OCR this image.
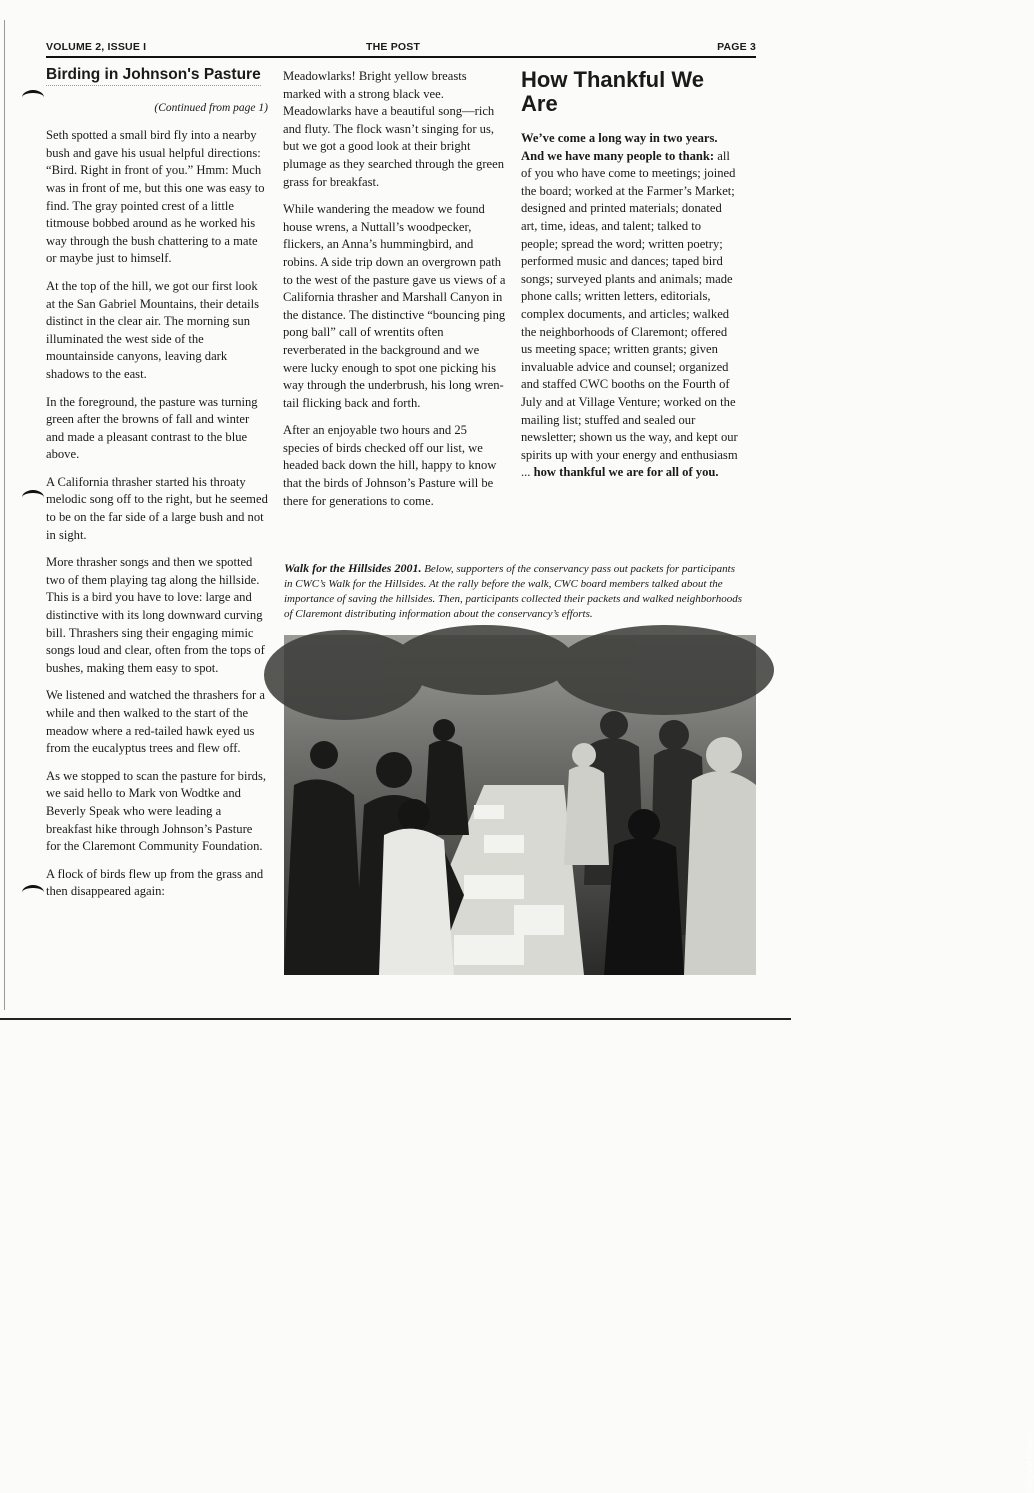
VOLUME 2, ISSUE I	THE POST	PAGE 3
Birding in Johnson's Pasture
(Continued from page 1)

Seth spotted a small bird fly into a nearby bush and gave his usual helpful directions: “Bird. Right in front of you.” Hmm: Much was in front of me, but this one was easy to find. The gray pointed crest of a little titmouse bobbed around as he worked his way through the bush chattering to a mate or maybe just to himself.

At the top of the hill, we got our first look at the San Gabriel Mountains, their details distinct in the clear air. The morning sun illuminated the west side of the mountainside canyons, leaving dark shadows to the east.

In the foreground, the pasture was turning green after the browns of fall and winter and made a pleasant contrast to the blue above.

A California thrasher started his throaty melodic song off to the right, but he seemed to be on the far side of a large bush and not in sight.

More thrasher songs and then we spotted two of them playing tag along the hillside. This is a bird you have to love: large and distinctive with its long downward curving bill. Thrashers sing their engaging mimic songs loud and clear, often from the tops of bushes, making them easy to spot.

We listened and watched the thrashers for a while and then walked to the start of the meadow where a red-tailed hawk eyed us from the eucalyptus trees and flew off.

As we stopped to scan the pasture for birds, we said hello to Mark von Wodtke and Beverly Speak who were leading a breakfast hike through Johnson’s Pasture for the Claremont Community Foundation.

A flock of birds flew up from the grass and then disappeared again:

Meadowlarks! Bright yellow breasts marked with a strong black vee. Meadowlarks have a beautiful song—rich and fluty. The flock wasn’t singing for us, but we got a good look at their bright plumage as they searched through the green grass for breakfast.

While wandering the meadow we found house wrens, a Nuttall’s woodpecker, flickers, an Anna’s hummingbird, and robins. A side trip down an overgrown path to the west of the pasture gave us views of a California thrasher and Marshall Canyon in the distance. The distinctive “bouncing ping pong ball” call of wrentits often reverberated in the background and we were lucky enough to spot one picking his way through the underbrush, his long wren-tail flicking back and forth.

After an enjoyable two hours and 25 species of birds checked off our list, we headed back down the hill, happy to know that the birds of Johnson’s Pasture will be there for generations to come.

How Thankful We Are

We’ve come a long way in two years. And we have many people to thank: all of you who have come to meetings; joined the board; worked at the Farmer’s Market; designed and printed materials; donated art, time, ideas, and talent; talked to people; spread the word; written poetry; performed music and dances; taped bird songs; surveyed plants and animals; made phone calls; written letters, editorials, complex documents, and articles; walked the neighborhoods of Claremont; offered us meeting space; written grants; given invaluable advice and counsel; organized and staffed CWC booths on the Fourth of July and at Village Venture; worked on the mailing list; stuffed and sealed our newsletter; shown us the way, and kept our spirits up with your energy and enthusiasm ... how thankful we are for all of you.

Walk for the Hillsides 2001. Below, supporters of the conservancy pass out packets for participants in CWC’s Walk for the Hillsides. At the rally before the walk, CWC board members talked about the importance of saving the hillsides. Then, participants collected their packets and walked neighborhoods of Claremont distributing information about the conservancy’s efforts.
Margaret Nilsson
